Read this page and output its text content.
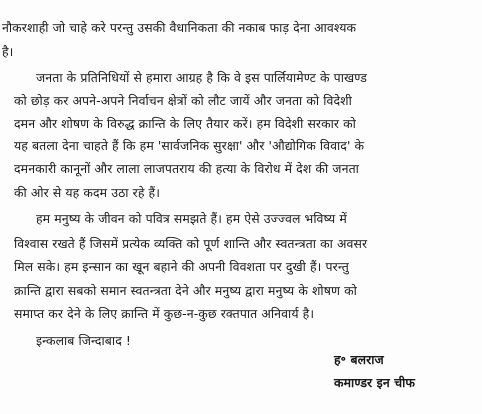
नौकरशाही जो चाहे करे परन्तु उसकी वैधानिकता की नकाब फाड़ देना आवश्यक
है।
जनता के प्रतिनिधियों से हमारा आग्रह है कि वे इस पार्लियामेण्ट के पाखण्ड
को छोड़ कर अपने-अपने निर्वाचन क्षेत्रों को लौट जायें और जनता को विदेशी
दमन और शोषण के विरुद्ध क्रान्ति के लिए तैयार करें। हम विदेशी सरकार को
यह बतला देना चाहते हैं कि हम 'सार्वजनिक सुरक्षा' और 'औद्योगिक विवाद' के
दमनकारी कानूनों और लाला लाजपतराय की हत्या के विरोध में देश की जनता
की ओर से यह कदम उठा रहे हैं।
हम मनुष्य के जीवन को पवित्र समझते हैं। हम ऐसे उज्ज्वल भविष्य में
विश्वास रखते हैं जिसमें प्रत्येक व्यक्ति को पूर्ण शान्ति और स्वतन्त्रता का अवसर
मिल सके। हम इन्सान का खून बहाने की अपनी विवशता पर दुखी हैं। परन्तु
क्रान्ति द्वारा सबको समान स्वतन्त्रता देने और मनुष्य द्वारा मनुष्य के शोषण को
समाप्त कर देने के लिए क्रान्ति में कुछ-न-कुछ रक्तपात अनिवार्य है।
इन्कलाब जिन्दाबाद !
ह॰ बलराज
कमाण्डर इन चीफ
